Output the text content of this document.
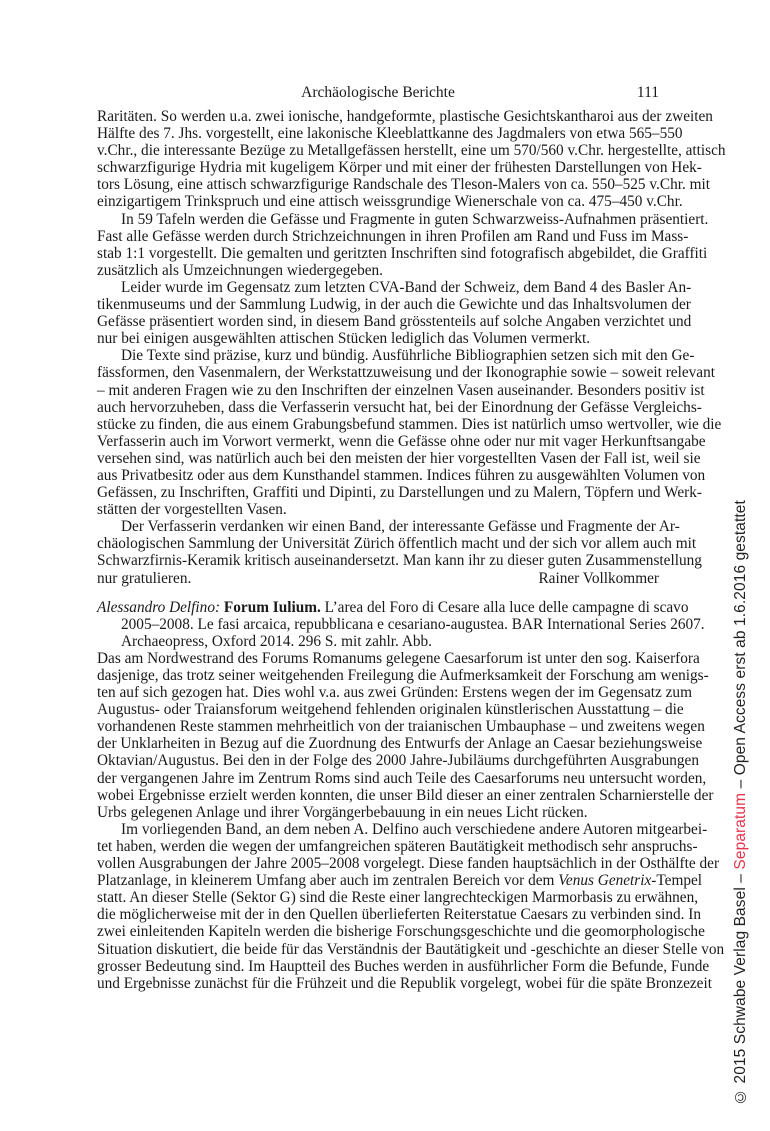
Archäologische Berichte	111
Raritäten. So werden u.a. zwei ionische, handgeformte, plastische Gesichtskantharoi aus der zweiten
Hälfte des 7. Jhs. vorgestellt, eine lakonische Kleeblattkanne des Jagdmalers von etwa 565–550
v.Chr., die interessante Bezüge zu Metallgefässen herstellt, eine um 570/560 v.Chr. hergestellte, attisch
schwarzfigurige Hydria mit kugeligem Körper und mit einer der frühesten Darstellungen von Hek-
tors Lösung, eine attisch schwarzfigurige Randschale des Tleson-Malers von ca. 550–525 v.Chr. mit
einzigartigem Trinkspruch und eine attisch weissgrundige Wienerschale von ca. 475–450 v.Chr.
In 59 Tafeln werden die Gefässe und Fragmente in guten Schwarzweiss-Aufnahmen präsentiert.
Fast alle Gefässe werden durch Strichzeichnungen in ihren Profilen am Rand und Fuss im Mass-
stab 1:1 vorgestellt. Die gemalten und geritzten Inschriften sind fotografisch abgebildet, die Graffiti
zusätzlich als Umzeichnungen wiedergegeben.
Leider wurde im Gegensatz zum letzten CVA-Band der Schweiz, dem Band 4 des Basler An-
tikenmuseums und der Sammlung Ludwig, in der auch die Gewichte und das Inhaltsvolumen der
Gefässe präsentiert worden sind, in diesem Band grösstenteils auf solche Angaben verzichtet und
nur bei einigen ausgewählten attischen Stücken lediglich das Volumen vermerkt.
Die Texte sind präzise, kurz und bündig. Ausführliche Bibliographien setzen sich mit den Ge-
fässformen, den Vasenmalern, der Werkstattzuweisung und der Ikonographie sowie – soweit relevant
– mit anderen Fragen wie zu den Inschriften der einzelnen Vasen auseinander. Besonders positiv ist
auch hervorzuheben, dass die Verfasserin versucht hat, bei der Einordnung der Gefässe Vergleichs-
stücke zu finden, die aus einem Grabungsbefund stammen. Dies ist natürlich umso wertvoller, wie die
Verfasserin auch im Vorwort vermerkt, wenn die Gefässe ohne oder nur mit vager Herkunftsangabe
versehen sind, was natürlich auch bei den meisten der hier vorgestellten Vasen der Fall ist, weil sie
aus Privatbesitz oder aus dem Kunsthandel stammen. Indices führen zu ausgewählten Volumen von
Gefässen, zu Inschriften, Graffiti und Dipinti, zu Darstellungen und zu Malern, Töpfern und Werk-
stätten der vorgestellten Vasen.
Der Verfasserin verdanken wir einen Band, der interessante Gefässe und Fragmente der Ar-
chäologischen Sammlung der Universität Zürich öffentlich macht und der sich vor allem auch mit
Schwarzfirnis-Keramik kritisch auseinandersetzt. Man kann ihr zu dieser guten Zusammenstellung
nur gratulieren.	Rainer Vollkommer
Alessandro Delfino: Forum Iulium. L’area del Foro di Cesare alla luce delle campagne di scavo
2005–2008. Le fasi arcaica, repubblicana e cesariano-augustea. BAR International Series 2607.
Archaeopress, Oxford 2014. 296 S. mit zahlr. Abb.
Das am Nordwestrand des Forums Romanums gelegene Caesarforum ist unter den sog. Kaiserfora
dasjenige, das trotz seiner weitgehenden Freilegung die Aufmerksamkeit der Forschung am wenigs-
ten auf sich gezogen hat. Dies wohl v.a. aus zwei Gründen: Erstens wegen der im Gegensatz zum
Augustus- oder Traiansforum weitgehend fehlenden originalen künstlerischen Ausstattung – die
vorhandenen Reste stammen mehrheitlich von der traianischen Umbauphase – und zweitens wegen
der Unklarheiten in Bezug auf die Zuordnung des Entwurfs der Anlage an Caesar beziehungsweise
Oktavian/Augustus. Bei den in der Folge des 2000 Jahre-Jubiläums durchgeführten Ausgrabungen
der vergangenen Jahre im Zentrum Roms sind auch Teile des Caesarforums neu untersucht worden,
wobei Ergebnisse erzielt werden konnten, die unser Bild dieser an einer zentralen Scharnierstelle der
Urbs gelegenen Anlage und ihrer Vorgängerbebauung in ein neues Licht rücken.
Im vorliegenden Band, an dem neben A. Delfino auch verschiedene andere Autoren mitgearbei-
tet haben, werden die wegen der umfangreichen späteren Bautätigkeit methodisch sehr anspruchs-
vollen Ausgrabungen der Jahre 2005–2008 vorgelegt. Diese fanden hauptsächlich in der Osthälfte der
Platzanlage, in kleinerem Umfang aber auch im zentralen Bereich vor dem Venus Genetrix-Tempel
statt. An dieser Stelle (Sektor G) sind die Reste einer langrechteckigen Marmorbasis zu erwähnen,
die möglicherweise mit der in den Quellen überlieferten Reiterstatue Caesars zu verbinden sind. In
zwei einleitenden Kapiteln werden die bisherige Forschungsgeschichte und die geomorphologische
Situation diskutiert, die beide für das Verständnis der Bautätigkeit und -geschichte an dieser Stelle von
grosser Bedeutung sind. Im Hauptteil des Buches werden in ausführlicher Form die Befunde, Funde
und Ergebnisse zunächst für die Frühzeit und die Republik vorgelegt, wobei für die späte Bronzezeit © 2015 Schwabe Verlag Basel – Separatum – Open Access erst ab 1.6.2016 gestattet
